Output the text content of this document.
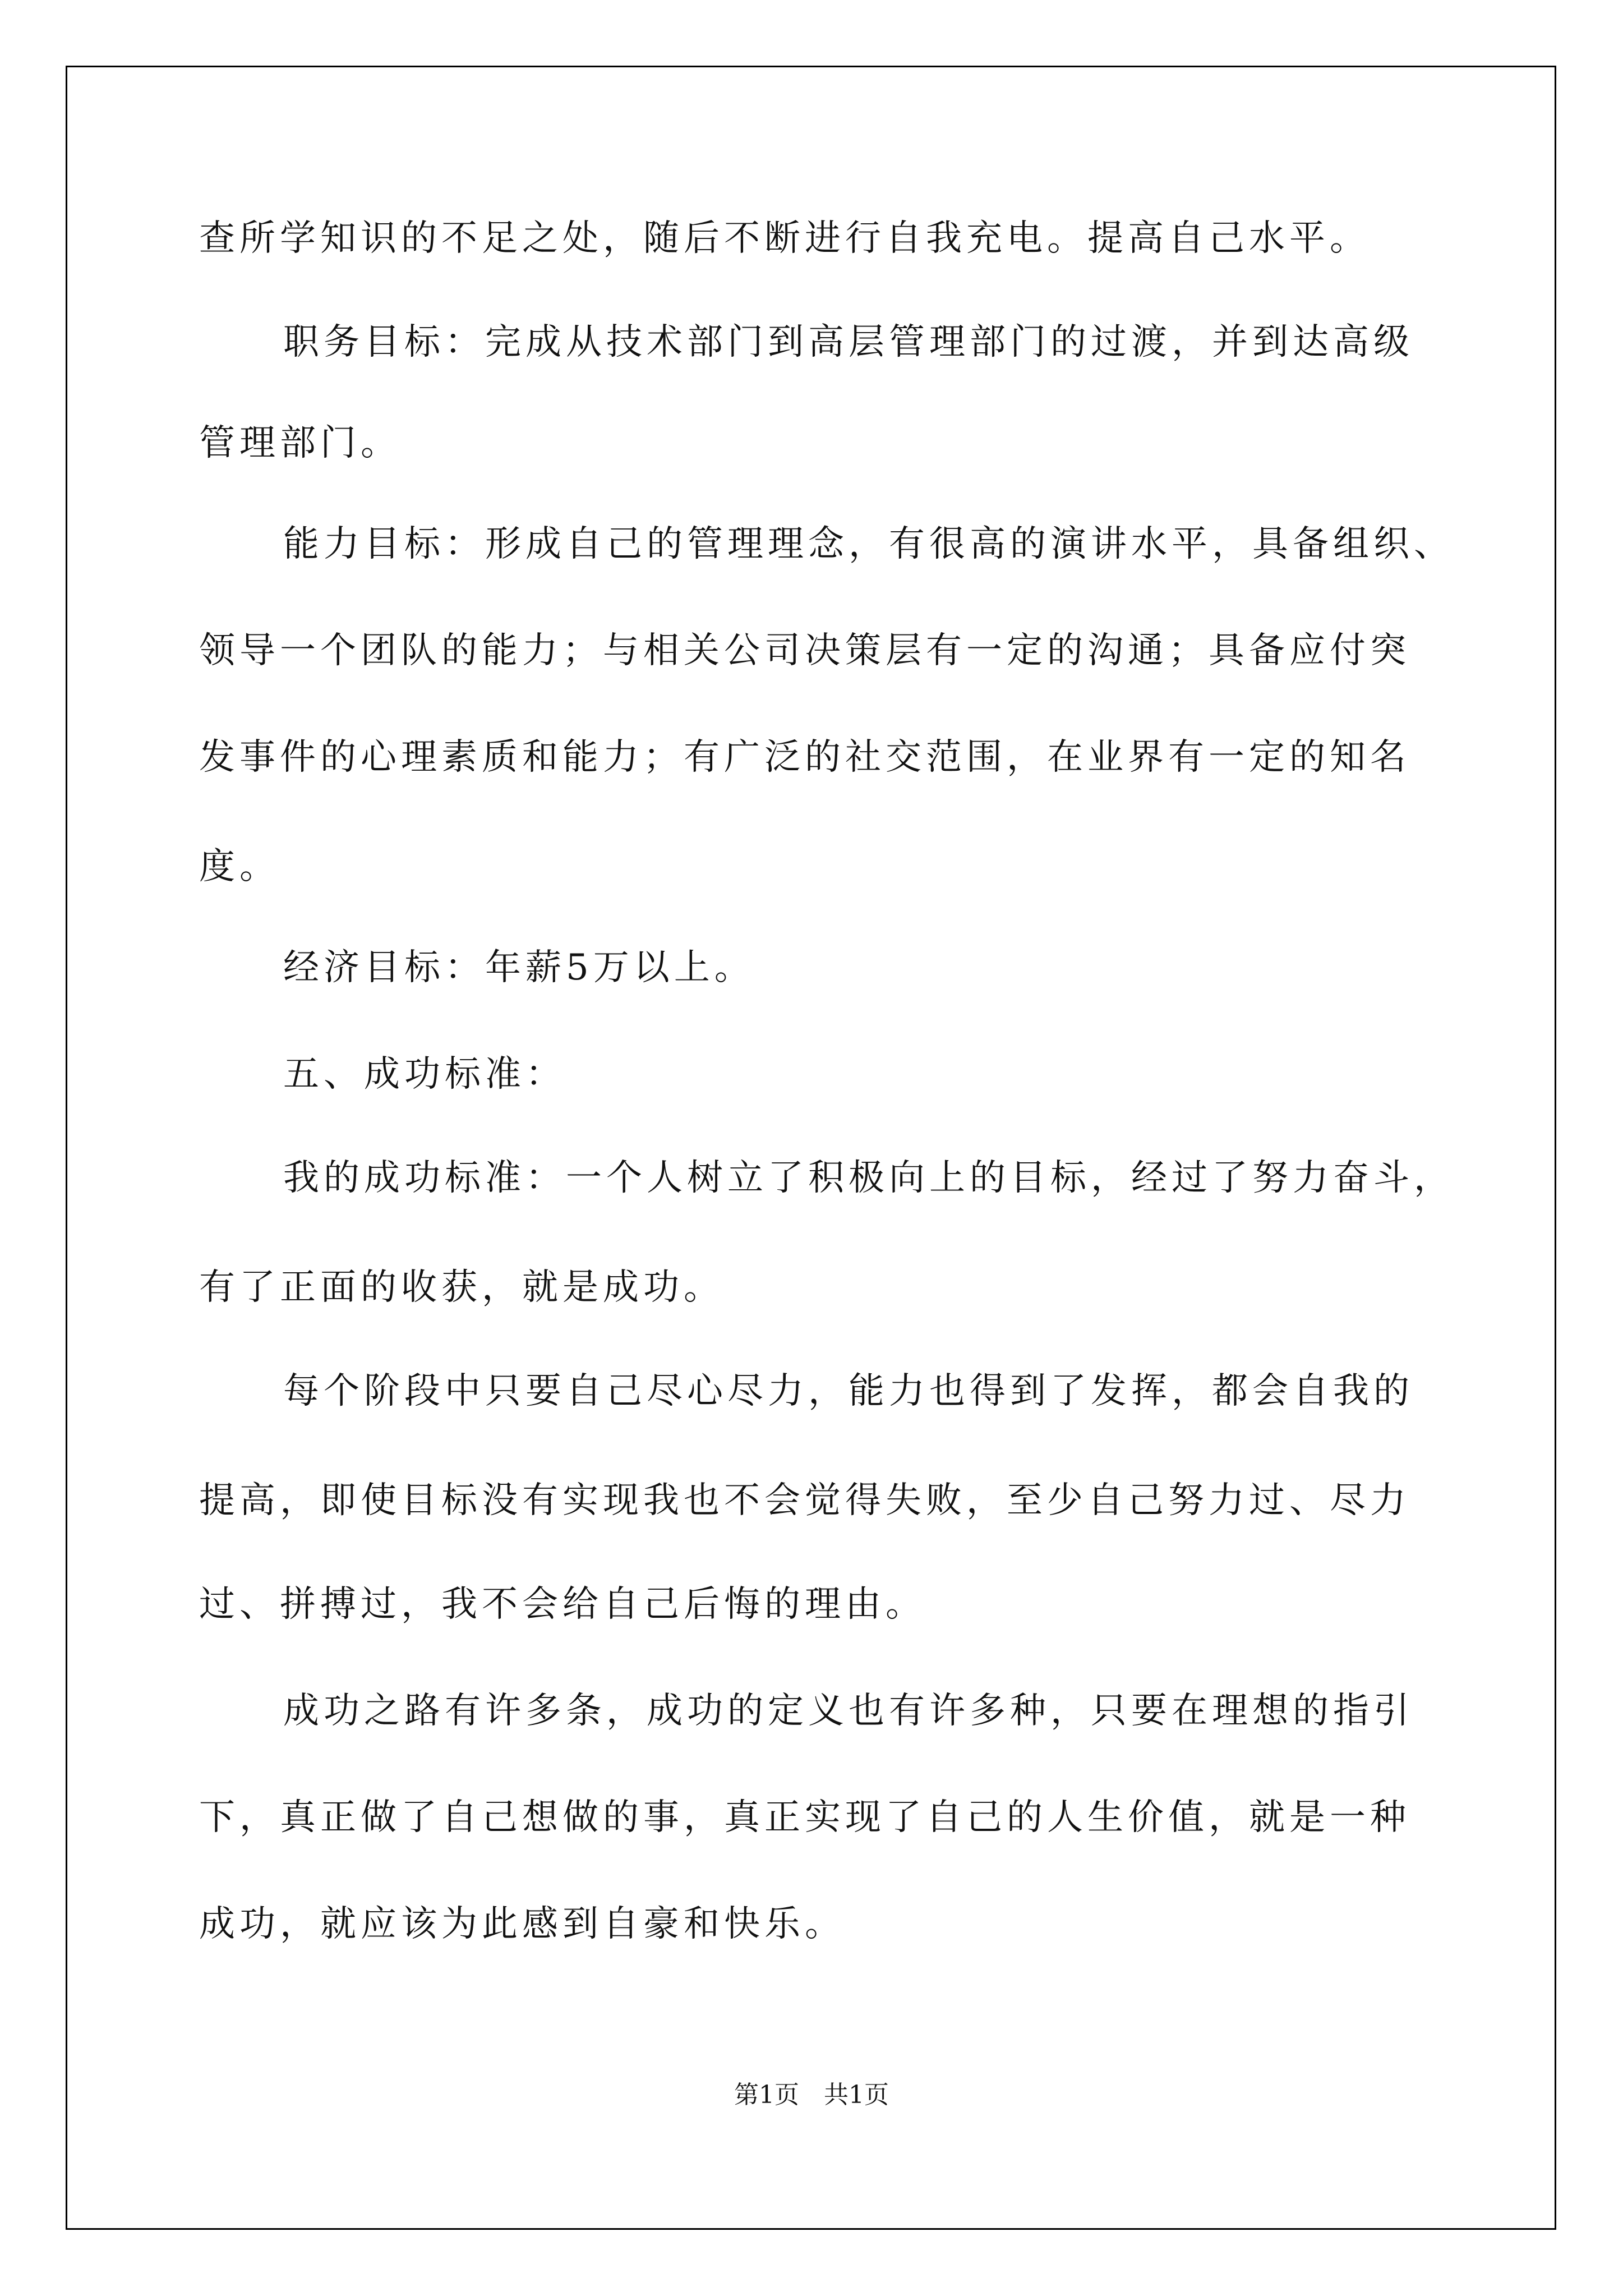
查所学知识的不足之处，随后不断进行自我充电。提高自己水平。
职务目标：完成从技术部门到高层管理部门的过渡，并到达高级
管理部门。
能力目标：形成自己的管理理念，有很高的演讲水平，具备组织、
领导一个团队的能力；与相关公司决策层有一定的沟通；具备应付突
发事件的心理素质和能力；有广泛的社交范围，在业界有一定的知名
度。
经济目标：年薪5万以上。
五、成功标准：
我的成功标准：一个人树立了积极向上的目标，经过了努力奋斗，
有了正面的收获，就是成功。
每个阶段中只要自己尽心尽力，能力也得到了发挥，都会自我的
提高，即使目标没有实现我也不会觉得失败，至少自己努力过、尽力
过、拼搏过，我不会给自己后悔的理由。
成功之路有许多条，成功的定义也有许多种，只要在理想的指引
下，真正做了自己想做的事，真正实现了自己的人生价值，就是一种
成功，就应该为此感到自豪和快乐。
第1页　共1页
